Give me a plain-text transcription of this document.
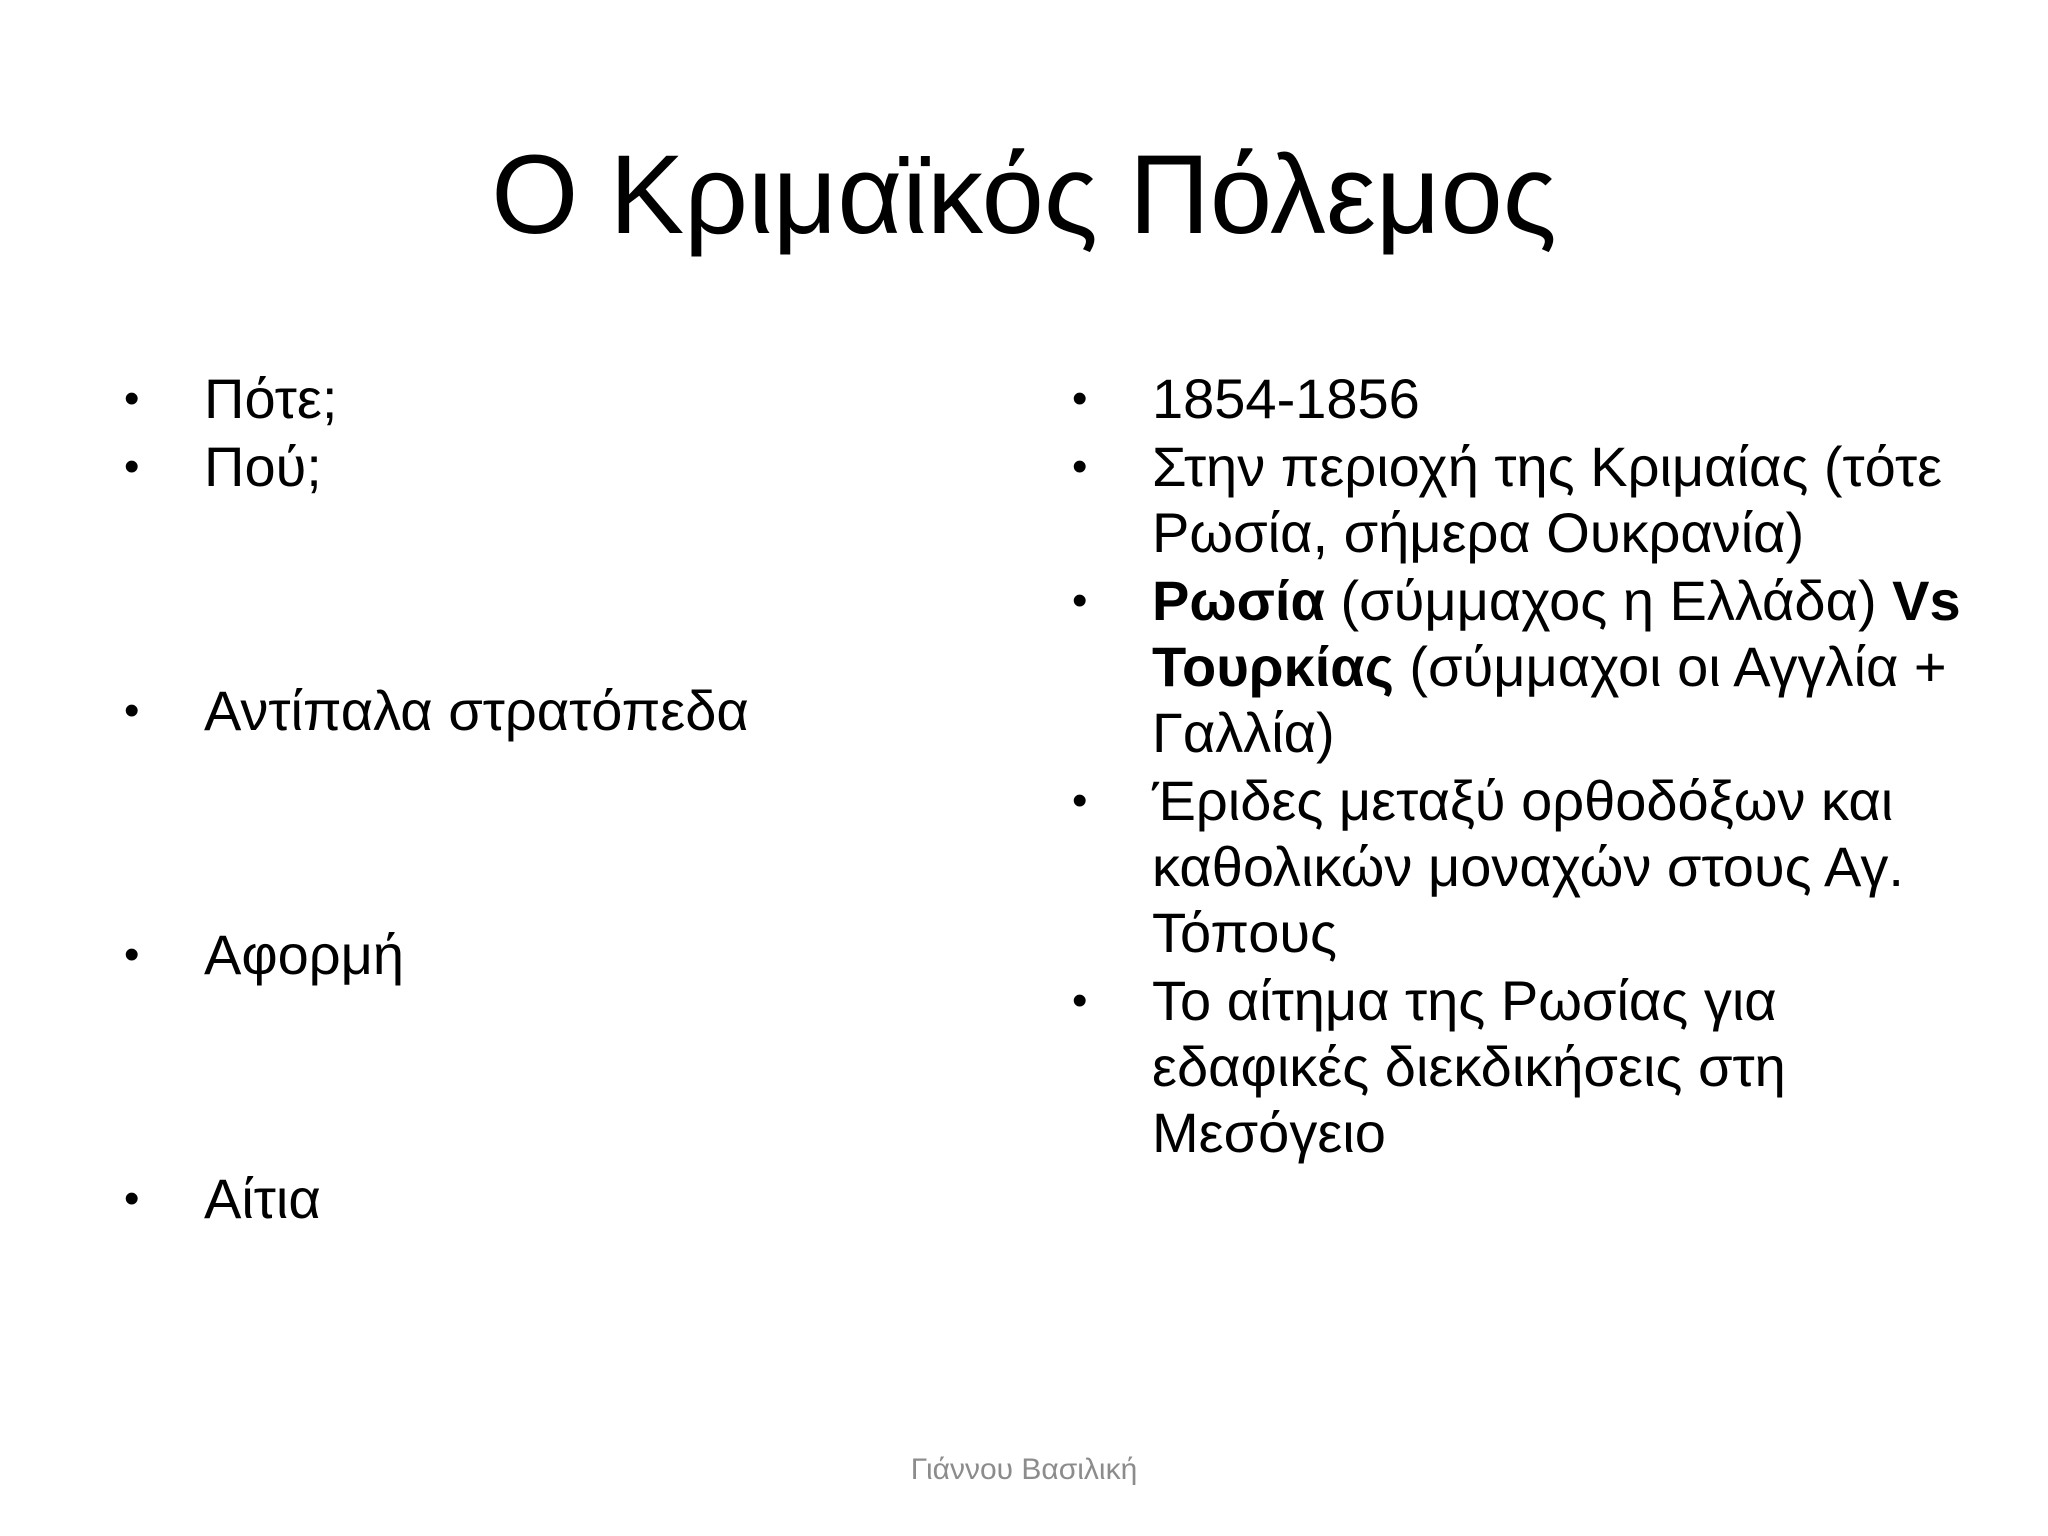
Ο Κριμαϊκός Πόλεμος
• Πότε;
• Πού;
• Αντίπαλα στρατόπεδα
• Αφορμή
• Αίτια
• 1854-1856
• Στην περιοχή της Κριμαίας (τότε Ρωσία, σήμερα Ουκρανία)
• Ρωσία (σύμμαχος η Ελλάδα) Vs Τουρκίας (σύμμαχοι οι Αγγλία + Γαλλία)
• Έριδες μεταξύ ορθοδόξων και καθολικών μοναχών στους Αγ. Τόπους
• Το αίτημα της Ρωσίας για εδαφικές διεκδικήσεις στη Μεσόγειο
Γιάννου Βασιλική
